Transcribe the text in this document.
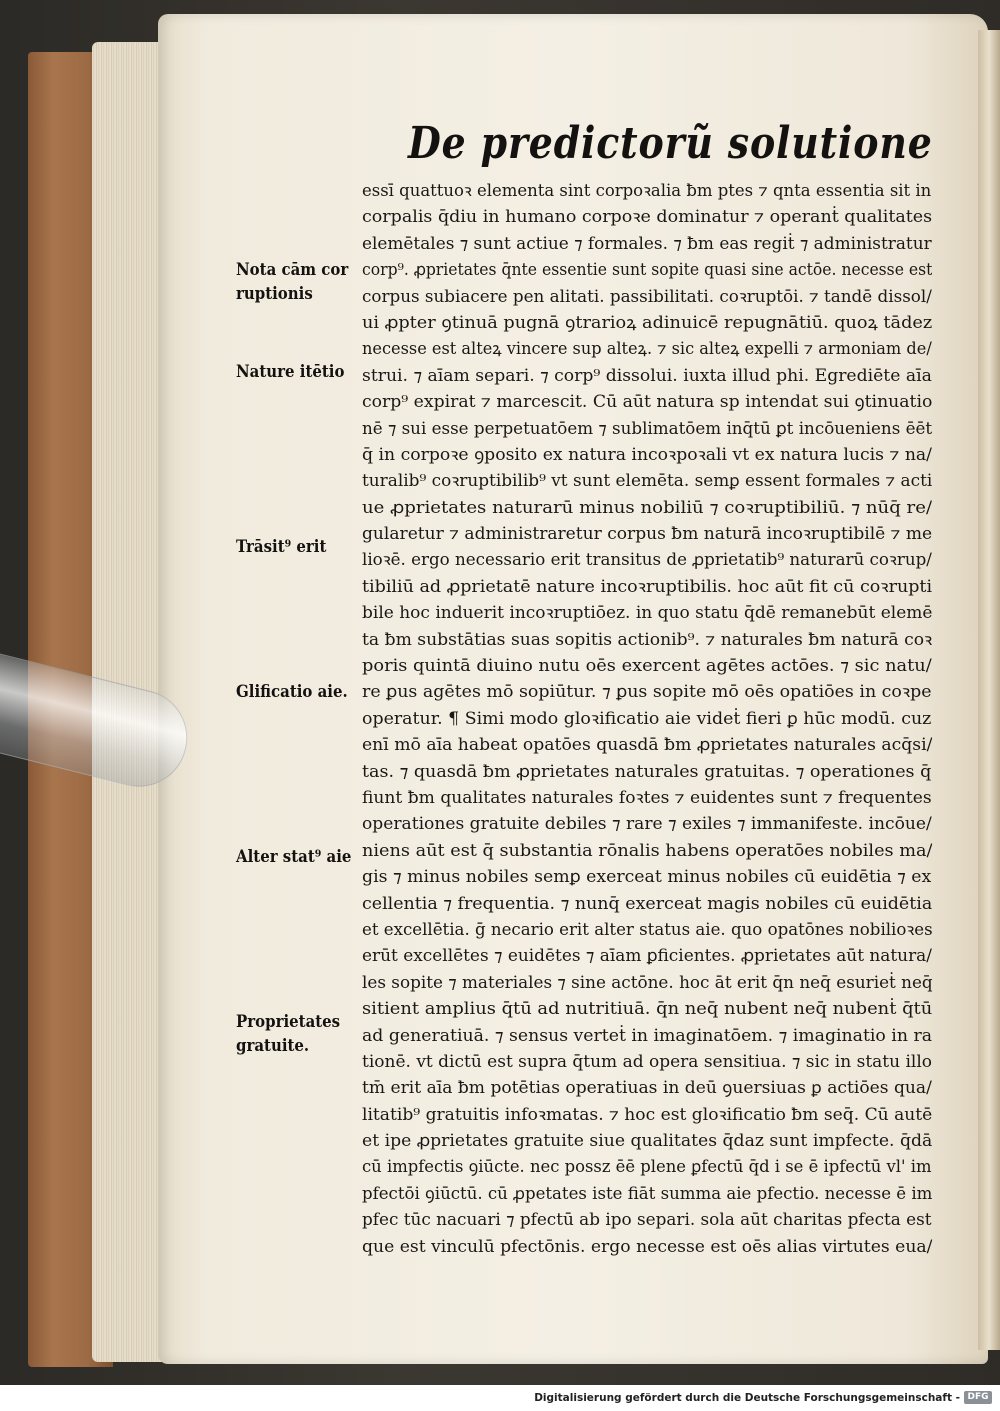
De predictorũ solutione
Nota cām cor
ruptionis
Nature itētio
Trāsit⁹ erit
Glificatio aie.
Alter stat⁹ aie
Proprietates
gratuite.
essī quattuoꝛ elementa sint corpoꝛalia ƀm ptes ⁊ qnta essentia sit in
corpalis q̄diu in humano corpoꝛe dominatur ⁊ operanṫ qualitates
elemētales ⁊ sunt actiue ⁊ formales. ⁊ ƀm eas regiṫ ⁊ administratur
corp⁹. ꝓprietates q̄nte essentie sunt sopite quasi sine actōe. necesse est
corpus subiacere pen alitati. passibilitati. coꝛruptōi. ⁊ tandē dissol/
ui ꝓpter ꝯtinuā pugnā ꝯtrarioꝝ adinuicē repugnātiū. quoꝝ tādez
necesse est alteꝝ vincere sup alteꝝ. ⁊ sic alteꝝ expelli ⁊ armoniam de/
strui. ⁊ aīam separi. ⁊ corp⁹ dissolui. iuxta illud phi. Egrediēte aīa
corp⁹ expirat ⁊ marcescit. Cū aūt natura sp intendat sui ꝯtinuatio
nē ⁊ sui esse perpetuatōem ⁊ sublimatōem inq̄tū ꝑt incōueniens ēēt
q̄ in corpoꝛe ꝯposito ex natura incoꝛpoꝛali vt ex natura lucis ⁊ na/
turalib⁹ coꝛruptibilib⁹ vt sunt elemēta. semꝑ essent formales ⁊ acti
ue ꝓprietates naturarū minus nobiliū ⁊ coꝛruptibiliū. ⁊ nūq̄ re/
gularetur ⁊ administraretur corpus ƀm naturā incoꝛruptibilē ⁊ me
lioꝛē. ergo necessario erit transitus de ꝓprietatib⁹ naturarū coꝛrup/
tibiliū ad ꝓprietatē nature incoꝛruptibilis. hoc aūt fit cū coꝛrupti
bile hoc induerit incoꝛruptiōez. in quo statu q̄dē remanebūt elemē
ta ƀm substātias suas sopitis actionib⁹. ⁊ naturales ƀm naturā coꝛ
poris quintā diuino nutu oēs exercent agētes actōes. ⁊ sic natu/
re ꝑus agētes mō sopiūtur. ⁊ ꝑus sopite mō oēs opatiōes in coꝛpe
operatur. ¶ Simi modo gloꝛificatio aie videṫ fieri ꝑ hūc modū. cuz
enī mō aīa habeat opatōes quasdā ƀm ꝓprietates naturales acq̄si/
tas. ⁊ quasdā ƀm ꝓprietates naturales gratuitas. ⁊ operationes q̄
fiunt ƀm qualitates naturales foꝛtes ⁊ euidentes sunt ⁊ frequentes
operationes gratuite debiles ⁊ rare ⁊ exiles ⁊ immanifeste. incōue/
niens aūt est q̄ substantia rōnalis habens operatōes nobiles ma/
gis ⁊ minus nobiles semꝑ exerceat minus nobiles cū euidētia ⁊ ex
cellentia ⁊ frequentia. ⁊ nunq̄ exerceat magis nobiles cū euidētia
et excellētia. ḡ necario erit alter status aie. quo opatōnes nobilioꝛes
erūt excellētes ⁊ euidētes ⁊ aīam ꝑficientes. ꝓprietates aūt natura/
les sopite ⁊ materiales ⁊ sine actōne. hoc āt erit q̄n neq̄ esurieṫ neq̄
sitient amplius q̄tū ad nutritiuā. q̄n neq̄ nubent neq̄ nubenṫ q̄tū
ad generatiuā. ⁊ sensus verteṫ in imaginatōem. ⁊ imaginatio in ra
tionē. vt dictū est supra q̄tum ad opera sensitiua. ⁊ sic in statu illo
tm̄ erit aīa ƀm potētias operatiuas in deū ꝯuersiuas ꝑ actiōes qua/
litatib⁹ gratuitis infoꝛmatas. ⁊ hoc est gloꝛificatio ƀm seq̄. Cū autē
et ipe ꝓprietates gratuite siue qualitates q̄daz sunt impfecte. q̄dā
cū impfectis ꝯiūcte. nec possz ēē plene ꝑfectū q̄d i se ē ipfectū vl' im
pfectōi ꝯiūctū. cū ꝓpetates iste fiāt summa aie pfectio. necesse ē im
pfec tūc nacuari ⁊ pfectū ab ipo separi. sola aūt charitas pfecta est
que est vinculū pfectōnis. ergo necesse est oēs alias virtutes eua/
Digitalisierung gefördert durch die Deutsche Forschungsgemeinschaft - DFG
